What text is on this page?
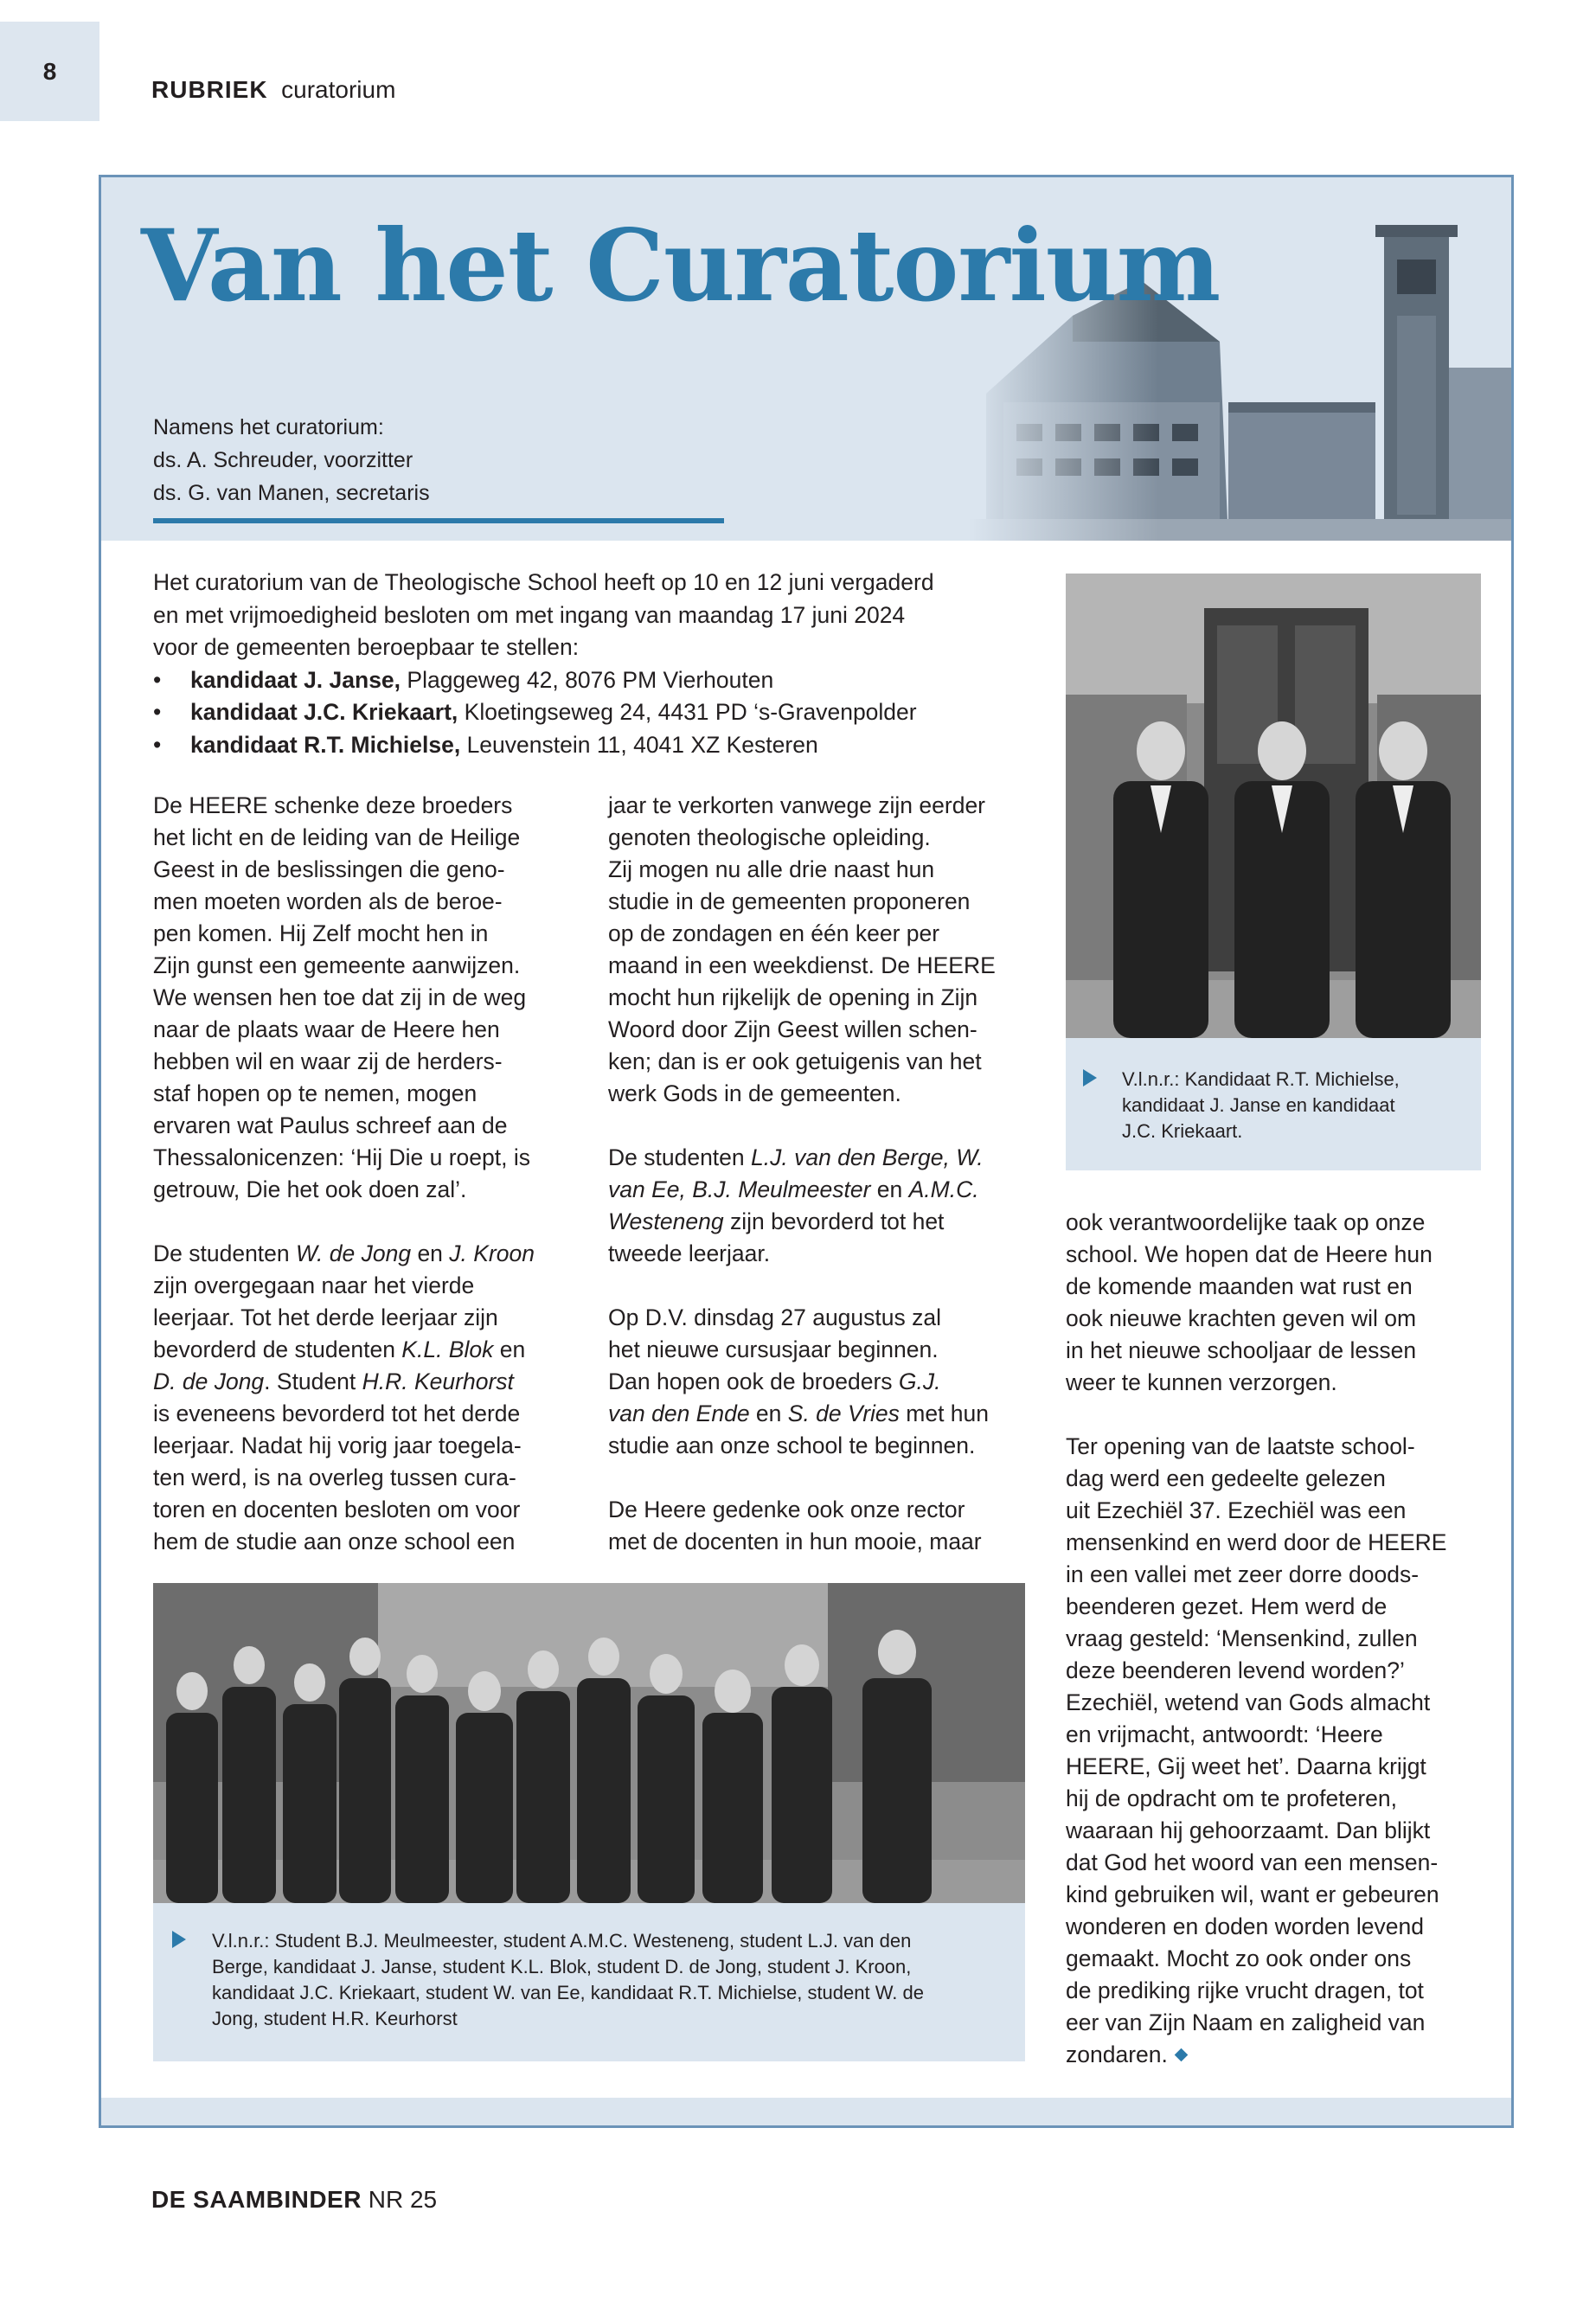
8
RUBRIEK curatorium
Van het Curatorium
Namens het curatorium:
ds. A. Schreuder, voorzitter
ds. G. van Manen, secretaris

Het curatorium van de Theologische School heeft op 10 en 12 juni vergaderd
en met vrijmoedigheid besloten om met ingang van maandag 17 juni 2024
voor de gemeenten beroepbaar te stellen:

• kandidaat J. Janse, Plaggeweg 42, 8076 PM Vierhouten
• kandidaat J.C. Kriekaart, Kloetingseweg 24, 4431 PD ‘s-Gravenpolder
• kandidaat R.T. Michielse, Leuvenstein 11, 4041 XZ Kesteren

De HEERE schenke deze broeders
het licht en de leiding van de Heilige
Geest in de beslissingen die geno-
men moeten worden als de beroe-
pen komen. Hij Zelf mocht hen in
Zijn gunst een gemeente aanwijzen.
We wensen hen toe dat zij in de weg
naar de plaats waar de Heere hen
hebben wil en waar zij de herders-
staf hopen op te nemen, mogen
ervaren wat Paulus schreef aan de
Thessalonicenzen: ‘Hij Die u roept, is
getrouw, Die het ook doen zal’.

De studenten W. de Jong en J. Kroon
zijn overgegaan naar het vierde
leerjaar. Tot het derde leerjaar zijn
bevorderd de studenten K.L. Blok en
D. de Jong. Student H.R. Keurhorst
is eveneens bevorderd tot het derde
leerjaar. Nadat hij vorig jaar toegela-
ten werd, is na overleg tussen cura-
toren en docenten besloten om voor
hem de studie aan onze school een

jaar te verkorten vanwege zijn eerder
genoten theologische opleiding.
Zij mogen nu alle drie naast hun
studie in de gemeenten proponeren
op de zondagen en één keer per
maand in een weekdienst. De HEERE
mocht hun rijkelijk de opening in Zijn
Woord door Zijn Geest willen schen-
ken; dan is er ook getuigenis van het
werk Gods in de gemeenten.

De studenten L.J. van den Berge, W.
van Ee, B.J. Meulmeester en A.M.C.
Westeneng zijn bevorderd tot het
tweede leerjaar.

Op D.V. dinsdag 27 augustus zal
het nieuwe cursusjaar beginnen.
Dan hopen ook de broeders G.J.
van den Ende en S. de Vries met hun
studie aan onze school te beginnen.

De Heere gedenke ook onze rector
met de docenten in hun mooie, maar

V.l.n.r.: Kandidaat R.T. Michielse,
kandidaat J. Janse en kandidaat
J.C. Kriekaart.

ook verantwoordelijke taak op onze
school. We hopen dat de Heere hun
de komende maanden wat rust en
ook nieuwe krachten geven wil om
in het nieuwe schooljaar de lessen
weer te kunnen verzorgen.

Ter opening van de laatste school-
dag werd een gedeelte gelezen
uit Ezechiël 37. Ezechiël was een
mensenkind en werd door de HEERE
in een vallei met zeer dorre doods-
beenderen gezet. Hem werd de
vraag gesteld: ‘Mensenkind, zullen
deze beenderen levend worden?’
Ezechiël, wetend van Gods almacht
en vrijmacht, antwoordt: ‘Heere
HEERE, Gij weet het’. Daarna krijgt
hij de opdracht om te profeteren,
waaraan hij gehoorzaamt. Dan blijkt
dat God het woord van een mensen-
kind gebruiken wil, want er gebeuren
wonderen en doden worden levend
gemaakt. Mocht zo ook onder ons
de prediking rijke vrucht dragen, tot
eer van Zijn Naam en zaligheid van
zondaren.

V.l.n.r.: Student B.J. Meulmeester, student A.M.C. Westeneng, student L.J. van den
Berge, kandidaat J. Janse, student K.L. Blok, student D. de Jong, student J. Kroon,
kandidaat J.C. Kriekaart, student W. van Ee, kandidaat R.T. Michielse, student W. de
Jong, student H.R. Keurhorst
DE SAAMBINDER NR 25
